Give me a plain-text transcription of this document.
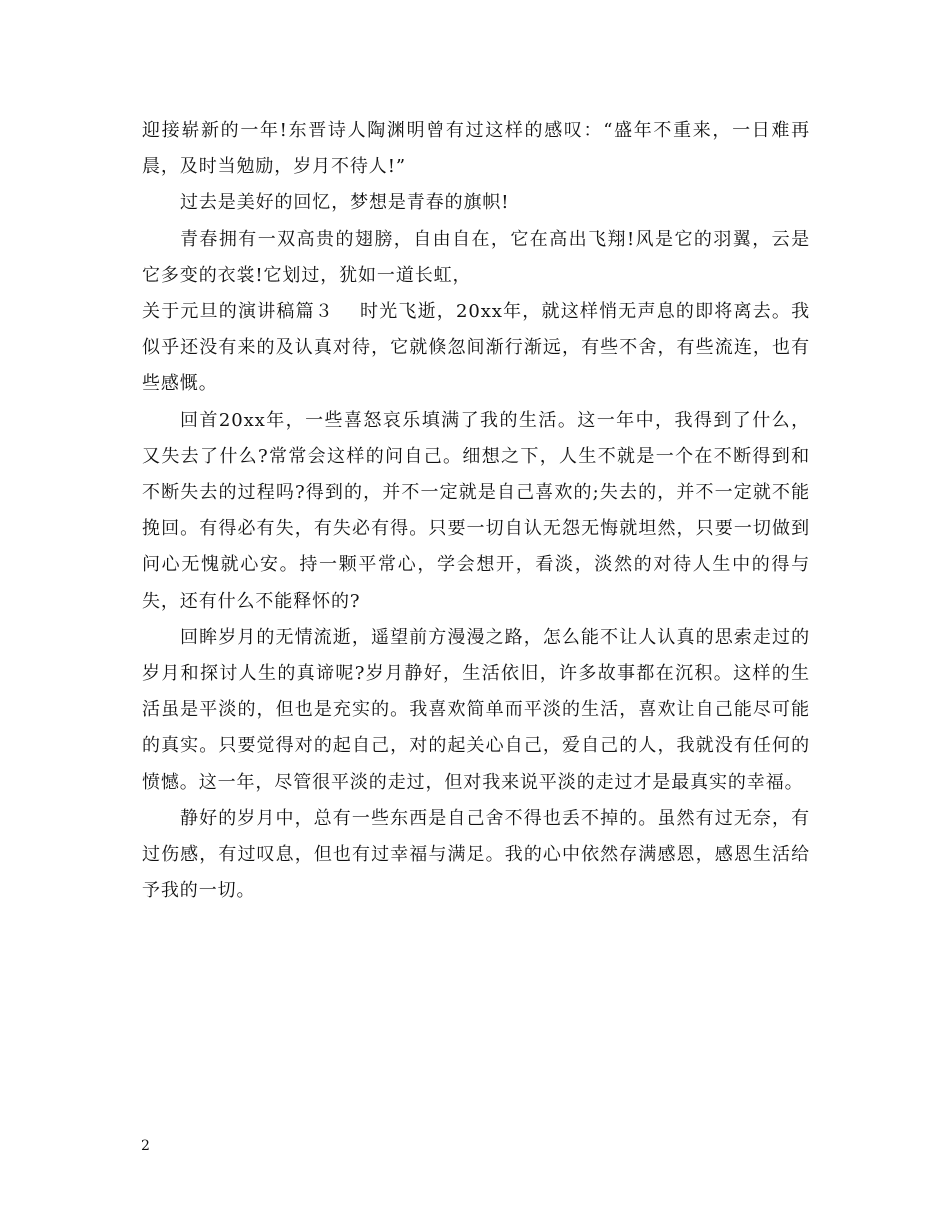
迎接崭新的一年!东晋诗人陶渊明曾有过这样的感叹：“盛年不重来，一日难再晨，及时当勉励，岁月不待人!”

过去是美好的回忆，梦想是青春的旗帜!

青春拥有一双高贵的翅膀，自由自在，它在高出飞翔!风是它的羽翼，云是它多变的衣裳!它划过，犹如一道长虹，

关于元旦的演讲稿篇３ 时光飞逝，20xx年，就这样悄无声息的即将离去。我似乎还没有来的及认真对待，它就倏忽间渐行渐远，有些不舍，有些流连，也有些感慨。

回首20xx年，一些喜怒哀乐填满了我的生活。这一年中，我得到了什么，又失去了什么?常常会这样的问自己。细想之下，人生不就是一个在不断得到和不断失去的过程吗?得到的，并不一定就是自己喜欢的;失去的，并不一定就不能挽回。有得必有失，有失必有得。只要一切自认无怨无悔就坦然，只要一切做到问心无愧就心安。持一颗平常心，学会想开，看淡，淡然的对待人生中的得与失，还有什么不能释怀的?

回眸岁月的无情流逝，遥望前方漫漫之路，怎么能不让人认真的思索走过的岁月和探讨人生的真谛呢?岁月静好，生活依旧，许多故事都在沉积。这样的生活虽是平淡的，但也是充实的。我喜欢简单而平淡的生活，喜欢让自己能尽可能的真实。只要觉得对的起自己，对的起关心自己，爱自己的人，我就没有任何的愤憾。这一年，尽管很平淡的走过，但对我来说平淡的走过才是最真实的幸福。

静好的岁月中，总有一些东西是自己舍不得也丢不掉的。虽然有过无奈，有过伤感，有过叹息，但也有过幸福与满足。我的心中依然存满感恩，感恩生活给予我的一切。

2
